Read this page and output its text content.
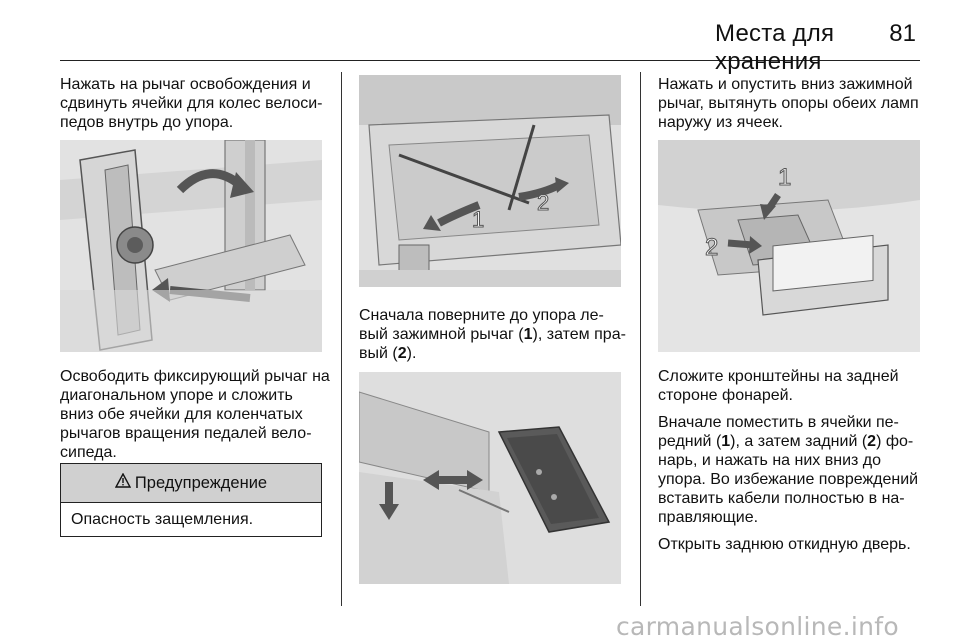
Места для хранения
81

Нажать на рычаг освобождения и сдвинуть ячейки для колес велоси-педов внутрь до упора.

Освободить фиксирующий рычаг на диагональном упоре и сложить вниз обе ячейки для коленчатых рычагов вращения педалей вело-сипеда.

Предупреждение
Опасность защемления.
1
2

Сначала поверните до упора ле-вый зажимной рычаг (1), затем пра-вый (2).

Нажать и опустить вниз зажимной рычаг, вытянуть опоры обеих ламп наружу из ячеек.

1
2

Сложите кронштейны на задней стороне фонарей.

Вначале поместить в ячейки пе-редний (1), а затем задний (2) фо-нарь, и нажать на них вниз до упора. Во избежание повреждений вставить кабели полностью в на-правляющие.

Открыть заднюю откидную дверь.

carmanualsonline.info
